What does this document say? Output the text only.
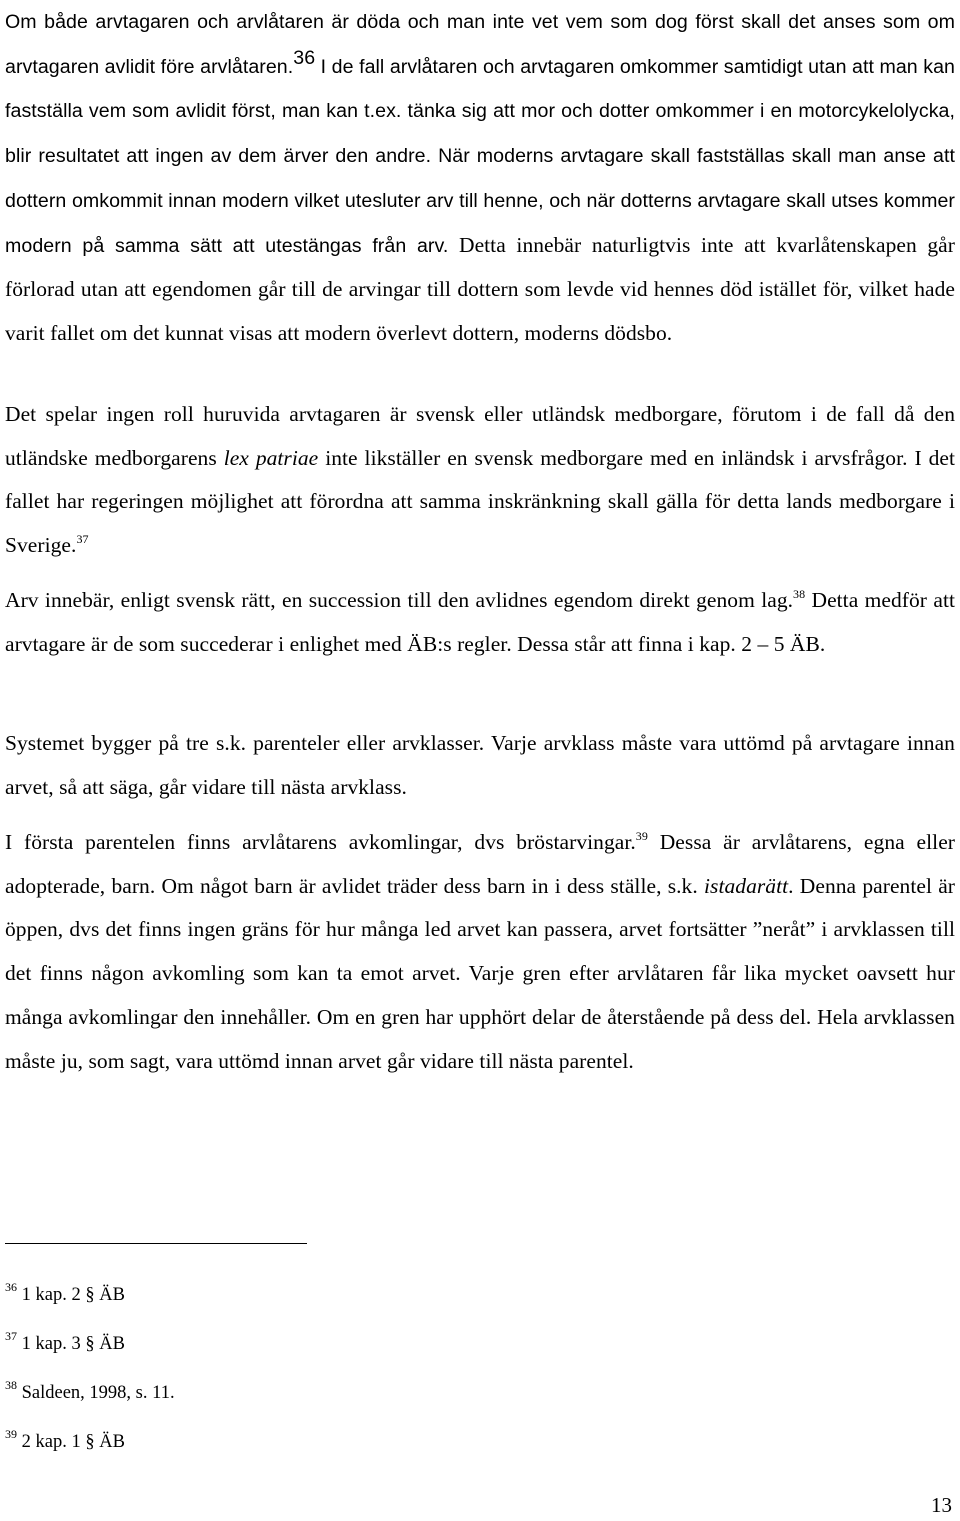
Om både arvtagaren och arvlåtaren är döda och man inte vet vem som dog först skall det anses som om arvtagaren avlidit före arvlåtaren.$^{36}$ I de fall arvlåtaren och arvtagaren omkommer samtidigt utan att man kan fastställa vem som avlidit först, man kan t.ex. tänka sig att mor och dotter omkommer i en motorcykelolycka, blir resultatet att ingen av dem ärver den andre. När moderns arvtagare skall fastställas skall man anse att dottern omkommit innan modern vilket utesluter arv till henne, och när dotterns arvtagare skall utses kommer modern på samma sätt att utestängas från arv. Detta innebär naturligtvis inte att kvarlåtenskapen går förlorad utan att egendomen går till de arvingar till dottern som levde vid hennes död istället för, vilket hade varit fallet om det kunnat visas att modern överlevt dottern, moderns dödsbo.

Det spelar ingen roll huruvida arvtagaren är svensk eller utländsk medborgare, förutom i de fall då den utländske medborgarens lex patriae inte likställer en svensk medborgare med en inländsk i arvsfrågor. I det fallet har regeringen möjlighet att förordna att samma inskränkning skall gälla för detta lands medborgare i Sverige.$^{37}$

Arv innebär, enligt svensk rätt, en succession till den avlidnes egendom direkt genom lag.$^{38}$ Detta medför att arvtagare är de som succederar i enlighet med ÄB:s regler. Dessa står att finna i kap. 2 – 5 ÄB.

Systemet bygger på tre s.k. parenteler eller arvklasser. Varje arvklass måste vara uttömd på arvtagare innan arvet, så att säga, går vidare till nästa arvklass.

I första parentelen finns arvlåtarens avkomlingar, dvs bröstarvingar.$^{39}$ Dessa är arvlåtarens, egna eller adopterade, barn. Om något barn är avlidet träder dess barn in i dess ställe, s.k. istadarätt. Denna parentel är öppen, dvs det finns ingen gräns för hur många led arvet kan passera, arvet fortsätter ”neråt” i arvklassen till det finns någon avkomling som kan ta emot arvet. Varje gren efter arvlåtaren får lika mycket oavsett hur många avkomlingar den innehåller. Om en gren har upphört delar de återstående på dess del. Hela arvklassen måste ju, som sagt, vara uttömd innan arvet går vidare till nästa parentel.

$^{36}$ 1 kap. 2 § ÄB
$^{37}$ 1 kap. 3 § ÄB
$^{38}$ Saldeen, 1998, s. 11.
$^{39}$ 2 kap. 1 § ÄB
13
